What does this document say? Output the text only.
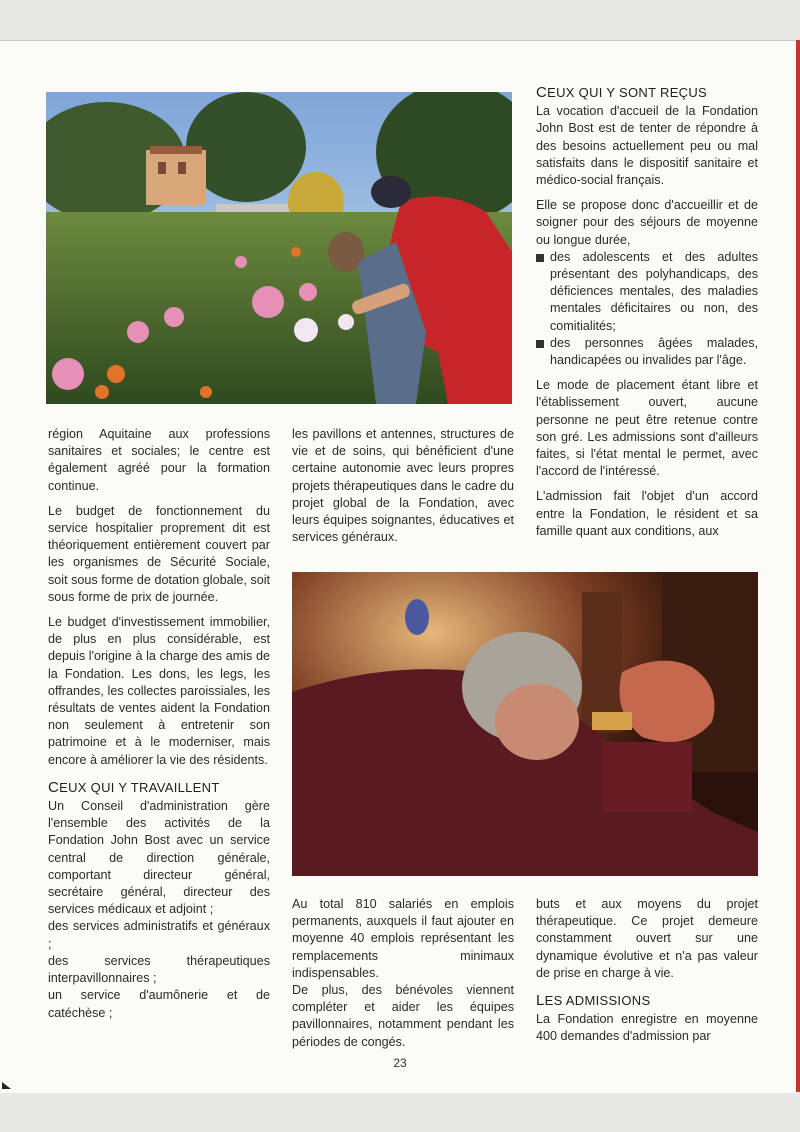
région Aquitaine aux professions sanitaires et sociales; le centre est également agréé pour la formation continue.

Le budget de fonctionnement du service hospitalier proprement dit est théoriquement entièrement couvert par les organismes de Sécurité Sociale, soit sous forme de dotation globale, soit sous forme de prix de journée.

Le budget d'investissement immobilier, de plus en plus considérable, est depuis l'origine à la charge des amis de la Fondation. Les dons, les legs, les offrandes, les collectes paroissiales, les résultats de ventes aident la Fondation non seulement à entretenir son patrimoine et à le moderniser, mais encore à améliorer la vie des résidents.

CEUX QUI Y TRAVAILLENT

Un Conseil d'administration gère l'ensemble des activités de la Fondation John Bost avec un service central de direction générale, comportant directeur général, secrétaire général, directeur des services médicaux et adjoint ;

des services administratifs et généraux ;

des services thérapeutiques interpavillonnaires ;

un service d'aumônerie et de catéchèse ;

les pavillons et antennes, structures de vie et de soins, qui bénéficient d'une certaine autonomie avec leurs propres projets thérapeutiques dans le cadre du projet global de la Fondation, avec leurs équipes soignantes, éducatives et services généraux.

Au total 810 salariés en emplois permanents, auxquels il faut ajouter en moyenne 40 emplois représentant les remplacements minimaux indispensables.

De plus, des bénévoles viennent compléter et aider les équipes pavillonnaires, notamment pendant les périodes de congés.

CEUX QUI Y SONT REÇUS

La vocation d'accueil de la Fondation John Bost est de tenter de répondre à des besoins actuellement peu ou mal satisfaits dans le dispositif sanitaire et médico-social français.

Elle se propose donc d'accueillir et de soigner pour des séjours de moyenne ou longue durée,

des adolescents et des adultes présentant des polyhandicaps, des déficiences mentales, des maladies mentales déficitaires ou non, des comitialités;
des personnes âgées malades, handicapées ou invalides par l'âge.

Le mode de placement étant libre et l'établissement ouvert, aucune personne ne peut être retenue contre son gré. Les admissions sont d'ailleurs faites, si l'état mental le permet, avec l'accord de l'intéressé.

L'admission fait l'objet d'un accord entre la Fondation, le résident et sa famille quant aux conditions, aux

buts et aux moyens du projet thérapeutique. Ce projet demeure constamment ouvert sur une dynamique évolutive et n'a pas valeur de prise en charge à vie.

LES ADMISSIONS

La Fondation enregistre en moyenne 400 demandes d'admission par

23
